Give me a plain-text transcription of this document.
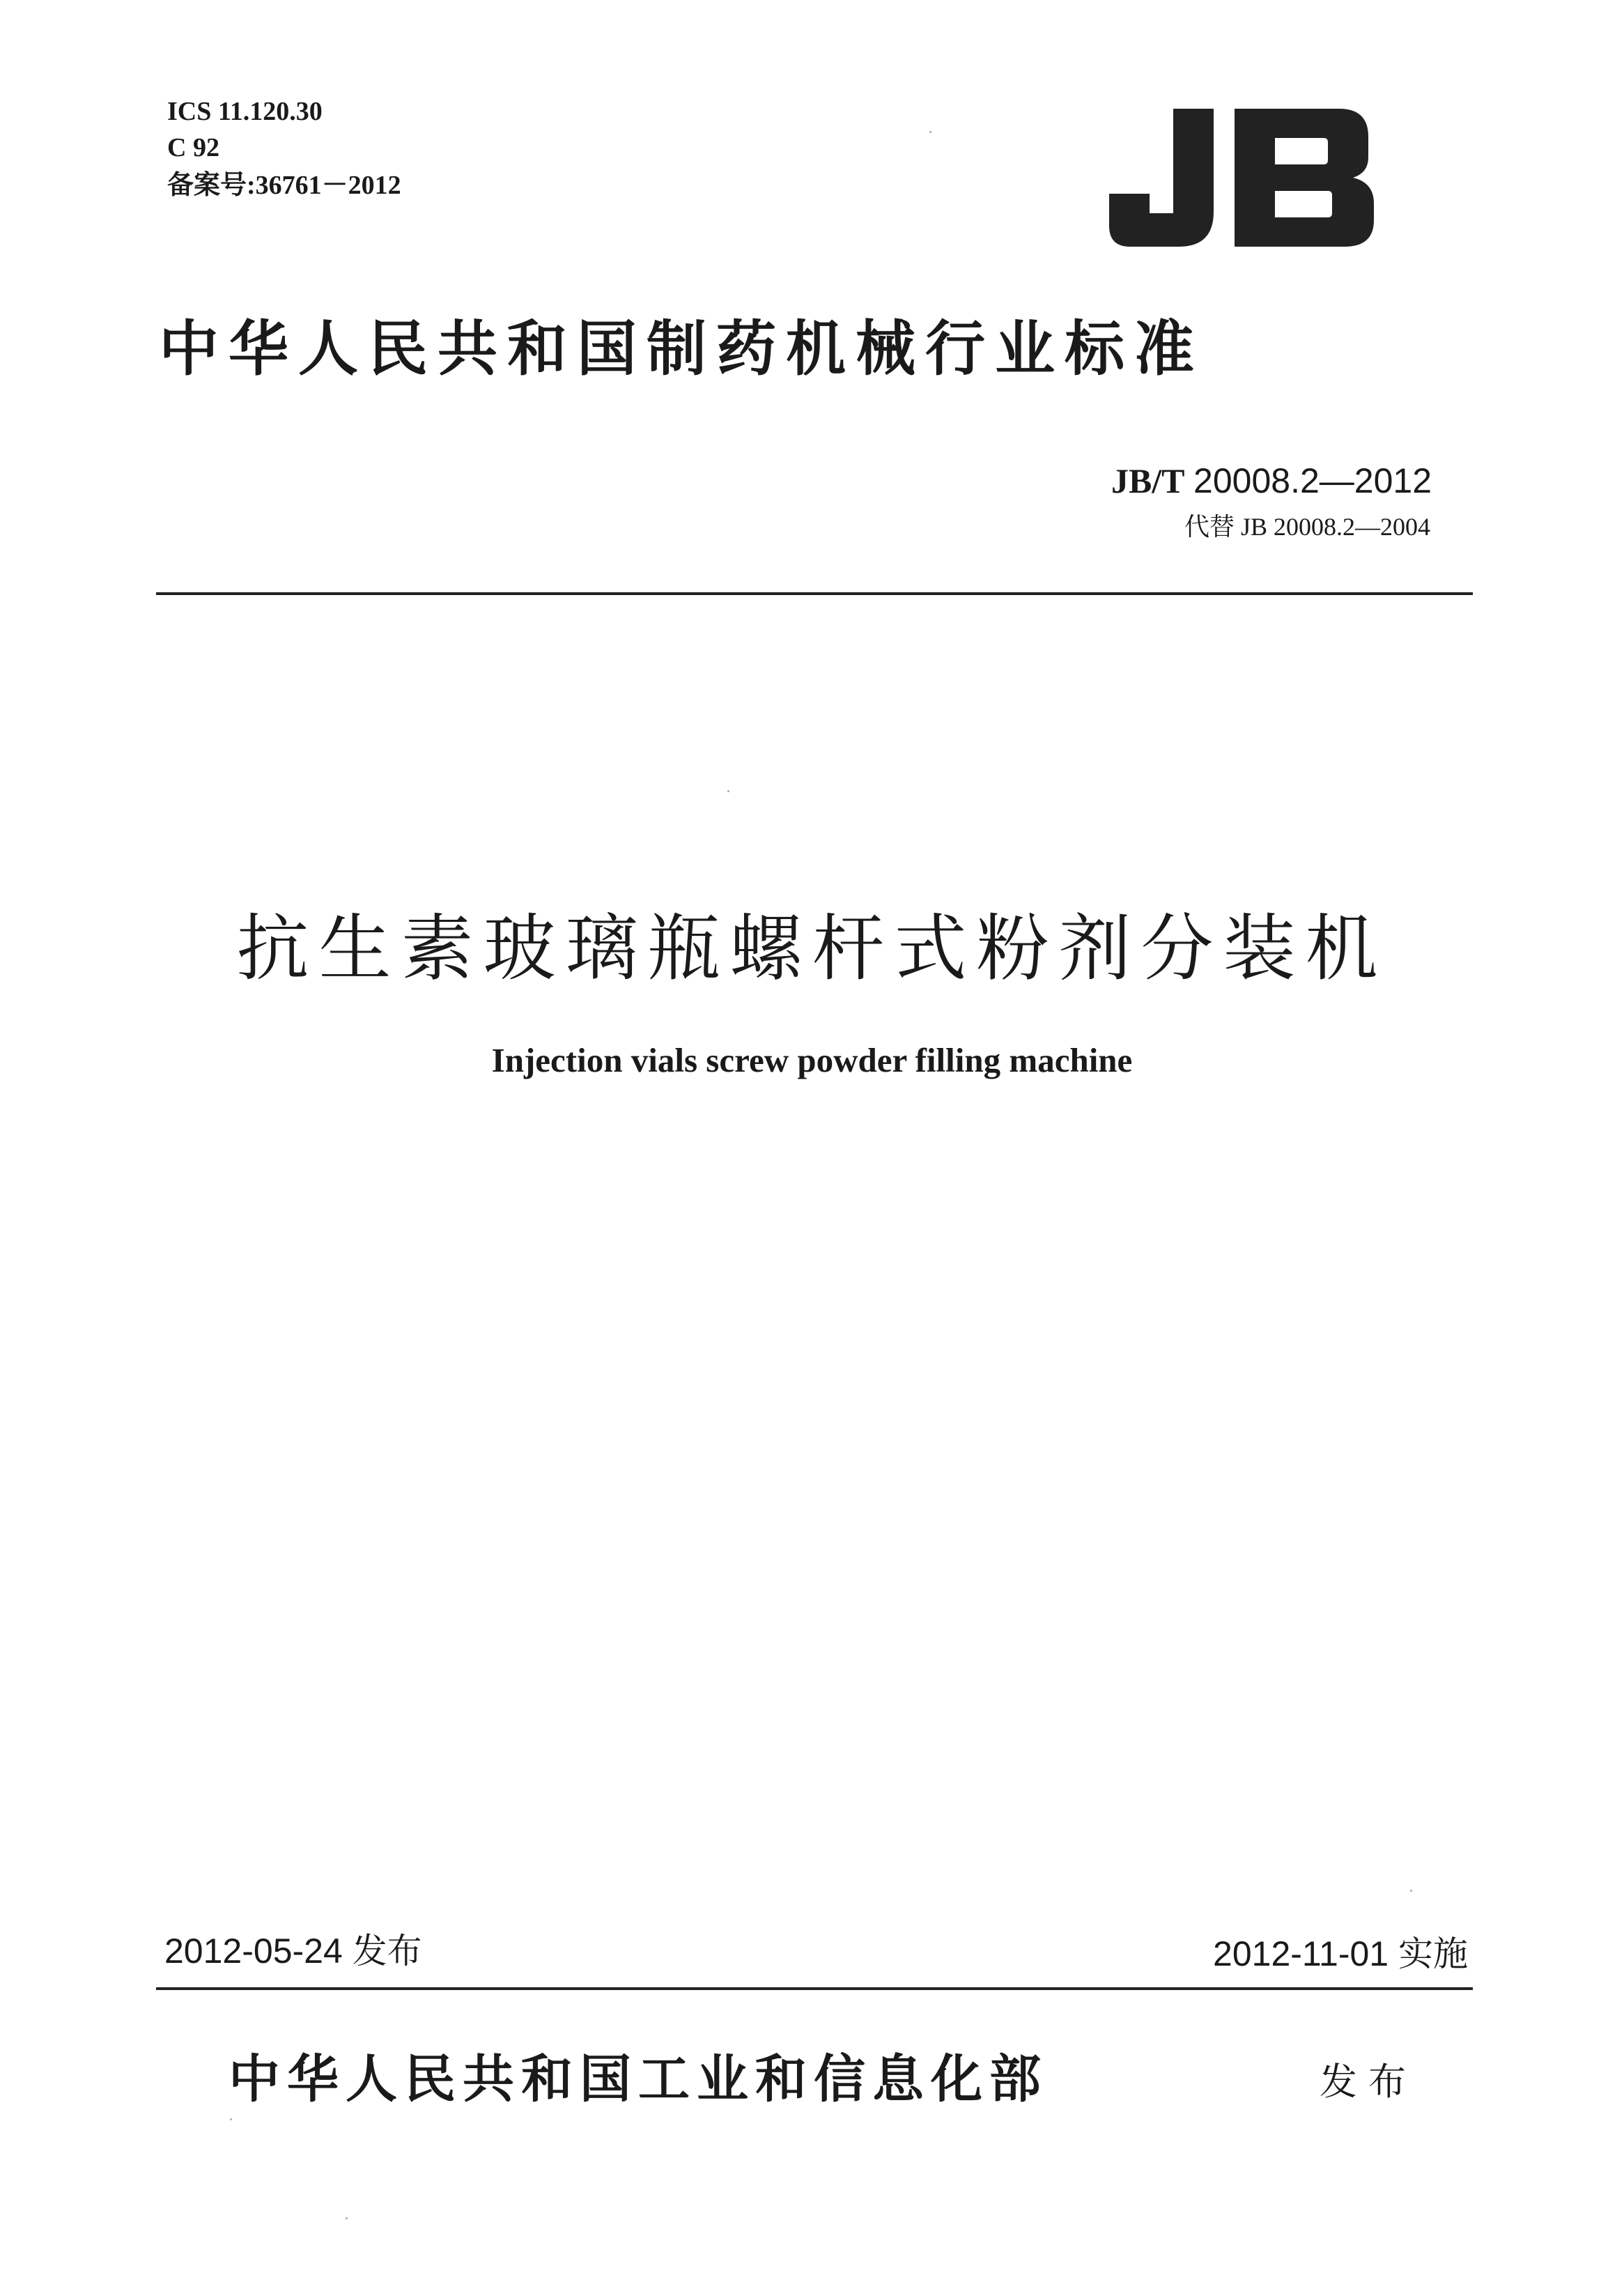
ICS 11.120.30
C 92
备案号:36761－2012
中华人民共和国制药机械行业标准
JB/T 20008.2—2012
代替 JB 20008.2—2004
抗生素玻璃瓶螺杆式粉剂分装机
Injection vials screw powder filling machine
2012-05-24 发布	2012-11-01 实施
中华人民共和国工业和信息化部	发布
